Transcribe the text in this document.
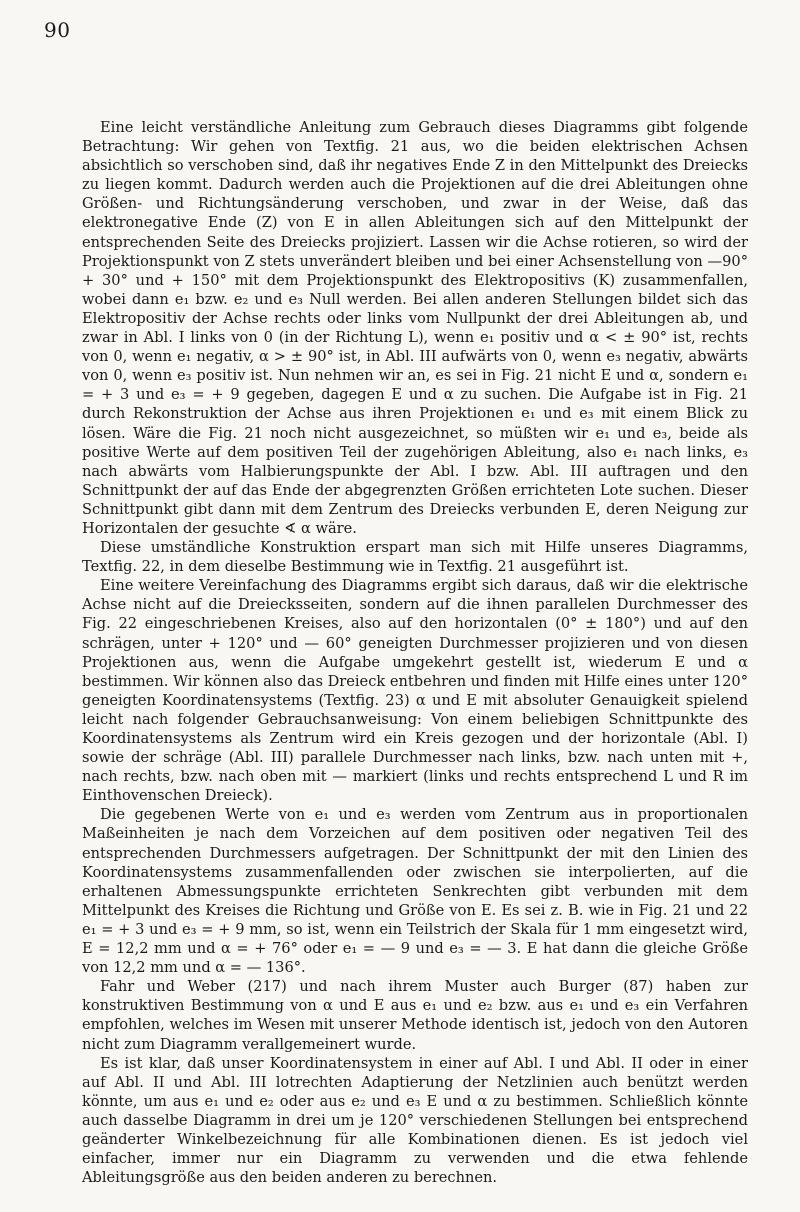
90

Eine leicht verständliche Anleitung zum Gebrauch dieses Diagramms gibt folgende Betrachtung: Wir gehen von Textfig. 21 aus, wo die beiden elektrischen Achsen absichtlich so verschoben sind, daß ihr negatives Ende Z in den Mittelpunkt des Dreiecks zu liegen kommt. Dadurch werden auch die Projektionen auf die drei Ableitungen ohne Größen- und Richtungsänderung verschoben, und zwar in der Weise, daß das elektronegative Ende (Z) von E in allen Ableitungen sich auf den Mittelpunkt der entsprechenden Seite des Dreiecks projiziert. Lassen wir die Achse rotieren, so wird der Projektionspunkt von Z stets unverändert bleiben und bei einer Achsenstellung von —90° + 30° und + 150° mit dem Projektionspunkt des Elektropositivs (K) zusammenfallen, wobei dann e₁ bzw. e₂ und e₃ Null werden. Bei allen anderen Stellungen bildet sich das Elektropositiv der Achse rechts oder links vom Nullpunkt der drei Ableitungen ab, und zwar in Abl. I links von 0 (in der Richtung L), wenn e₁ positiv und α < ± 90° ist, rechts von 0, wenn e₁ negativ, α > ± 90° ist, in Abl. III aufwärts von 0, wenn e₃ negativ, abwärts von 0, wenn e₃ positiv ist. Nun nehmen wir an, es sei in Fig. 21 nicht E und α, sondern e₁ = + 3 und e₃ = + 9 gegeben, dagegen E und α zu suchen. Die Aufgabe ist in Fig. 21 durch Rekonstruktion der Achse aus ihren Projektionen e₁ und e₃ mit einem Blick zu lösen. Wäre die Fig. 21 noch nicht ausgezeichnet, so müßten wir e₁ und e₃, beide als positive Werte auf dem positiven Teil der zugehörigen Ableitung, also e₁ nach links, e₃ nach abwärts vom Halbierungspunkte der Abl. I bzw. Abl. III auftragen und den Schnittpunkt der auf das Ende der abgegrenzten Größen errichteten Lote suchen. Dieser Schnittpunkt gibt dann mit dem Zentrum des Dreiecks verbunden E, deren Neigung zur Horizontalen der gesuchte ∢ α wäre.

Diese umständliche Konstruktion erspart man sich mit Hilfe unseres Diagramms, Textfig. 22, in dem dieselbe Bestimmung wie in Textfig. 21 ausgeführt ist.

Eine weitere Vereinfachung des Diagramms ergibt sich daraus, daß wir die elektrische Achse nicht auf die Dreiecksseiten, sondern auf die ihnen parallelen Durchmesser des Fig. 22 eingeschriebenen Kreises, also auf den horizontalen (0° ± 180°) und auf den schrägen, unter + 120° und — 60° geneigten Durchmesser projizieren und von diesen Projektionen aus, wenn die Aufgabe umgekehrt gestellt ist, wiederum E und α bestimmen. Wir können also das Dreieck entbehren und finden mit Hilfe eines unter 120° geneigten Koordinatensystems (Textfig. 23) α und E mit absoluter Genauigkeit spielend leicht nach folgender Gebrauchsanweisung: Von einem beliebigen Schnittpunkte des Koordinatensystems als Zentrum wird ein Kreis gezogen und der horizontale (Abl. I) sowie der schräge (Abl. III) parallele Durchmesser nach links, bzw. nach unten mit +, nach rechts, bzw. nach oben mit — markiert (links und rechts entsprechend L und R im Einthovenschen Dreieck).

Die gegebenen Werte von e₁ und e₃ werden vom Zentrum aus in proportionalen Maßeinheiten je nach dem Vorzeichen auf dem positiven oder negativen Teil des entsprechenden Durchmessers aufgetragen. Der Schnittpunkt der mit den Linien des Koordinatensystems zusammenfallenden oder zwischen sie interpolierten, auf die erhaltenen Abmessungspunkte errichteten Senkrechten gibt verbunden mit dem Mittelpunkt des Kreises die Richtung und Größe von E. Es sei z. B. wie in Fig. 21 und 22 e₁ = + 3 und e₃ = + 9 mm, so ist, wenn ein Teilstrich der Skala für 1 mm eingesetzt wird, E = 12,2 mm und α = + 76° oder e₁ = — 9 und e₃ = — 3. E hat dann die gleiche Größe von 12,2 mm und α = — 136°.

Fahr und Weber (217) und nach ihrem Muster auch Burger (87) haben zur konstruktiven Bestimmung von α und E aus e₁ und e₂ bzw. aus e₁ und e₃ ein Verfahren empfohlen, welches im Wesen mit unserer Methode identisch ist, jedoch von den Autoren nicht zum Diagramm verallgemeinert wurde.

Es ist klar, daß unser Koordinatensystem in einer auf Abl. I und Abl. II oder in einer auf Abl. II und Abl. III lotrechten Adaptierung der Netzlinien auch benützt werden könnte, um aus e₁ und e₂ oder aus e₂ und e₃ E und α zu bestimmen. Schließlich könnte auch dasselbe Diagramm in drei um je 120° verschiedenen Stellungen bei entsprechend geänderter Winkelbezeichnung für alle Kombinationen dienen. Es ist jedoch viel einfacher, immer nur ein Diagramm zu verwenden und die etwa fehlende Ableitungsgröße aus den beiden anderen zu berechnen.
